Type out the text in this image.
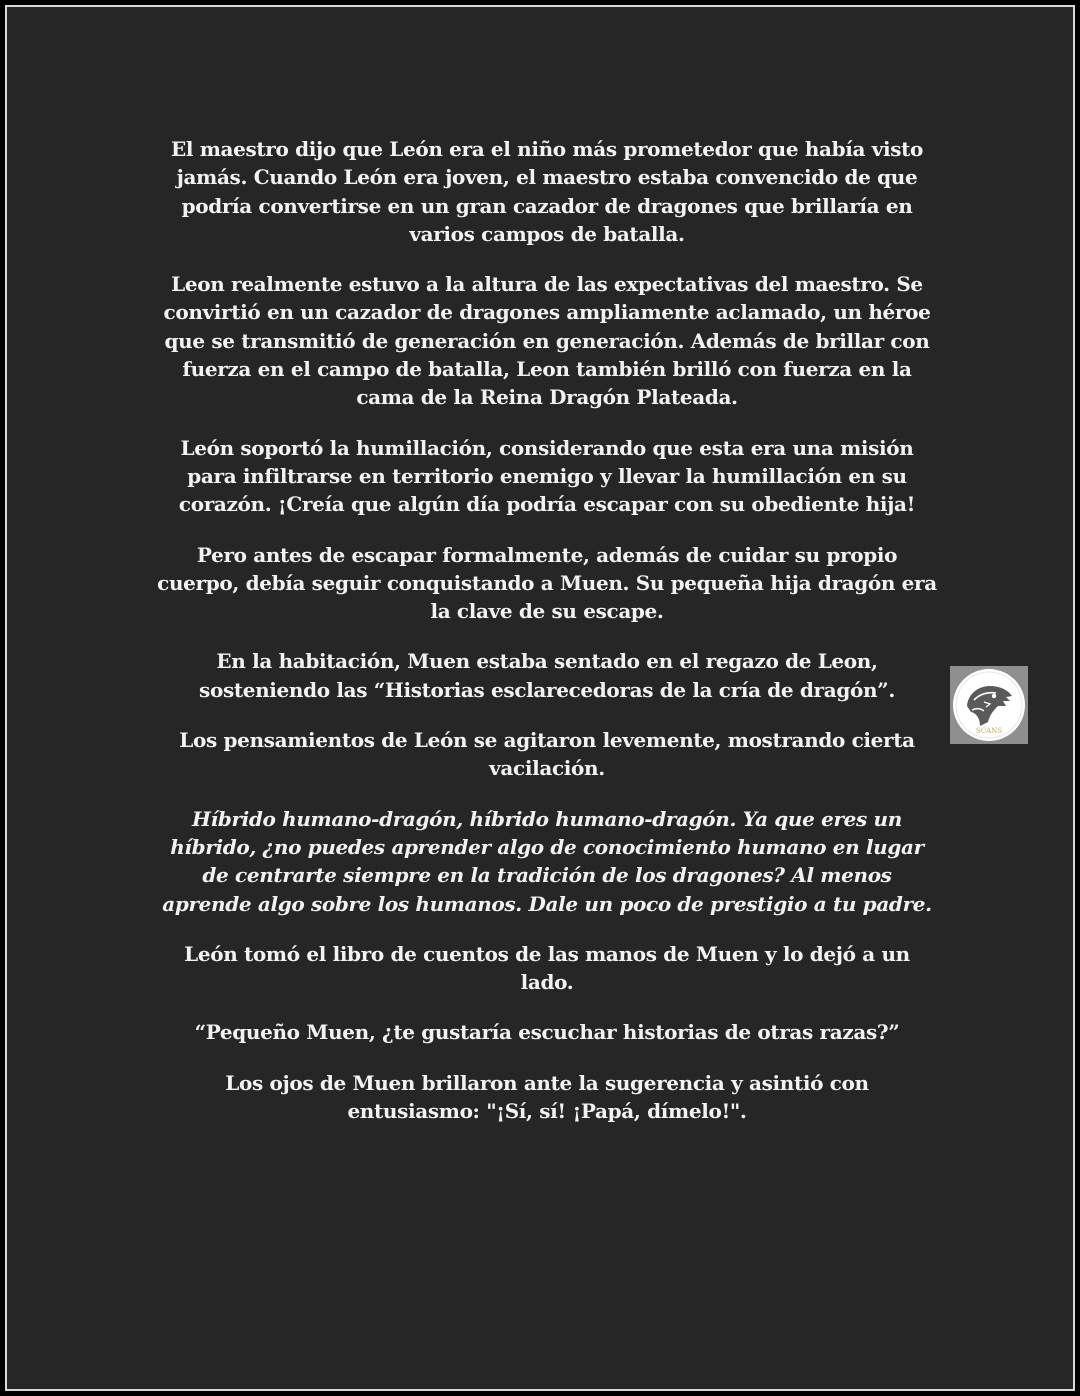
El maestro dijo que León era el niño más prometedor que había visto jamás. Cuando León era joven, el maestro estaba convencido de que podría convertirse en un gran cazador de dragones que brillaría en varios campos de batalla.

Leon realmente estuvo a la altura de las expectativas del maestro. Se convirtió en un cazador de dragones ampliamente aclamado, un héroe que se transmitió de generación en generación. Además de brillar con fuerza en el campo de batalla, Leon también brilló con fuerza en la cama de la Reina Dragón Plateada.

León soportó la humillación, considerando que esta era una misión para infiltrarse en territorio enemigo y llevar la humillación en su corazón. ¡Creía que algún día podría escapar con su obediente hija!

Pero antes de escapar formalmente, además de cuidar su propio cuerpo, debía seguir conquistando a Muen. Su pequeña hija dragón era la clave de su escape.

En la habitación, Muen estaba sentado en el regazo de Leon, sosteniendo las “Historias esclarecedoras de la cría de dragón”.

Los pensamientos de León se agitaron levemente, mostrando cierta vacilación.

Híbrido humano-dragón, híbrido humano-dragón. Ya que eres un híbrido, ¿no puedes aprender algo de conocimiento humano en lugar de centrarte siempre en la tradición de los dragones? Al menos aprende algo sobre los humanos. Dale un poco de prestigio a tu padre.

León tomó el libro de cuentos de las manos de Muen y lo dejó a un lado.

“Pequeño Muen, ¿te gustaría escuchar historias de otras razas?”

Los ojos de Muen brillaron ante la sugerencia y asintió con entusiasmo: "¡Sí, sí! ¡Papá, dímelo!".

SCANS
